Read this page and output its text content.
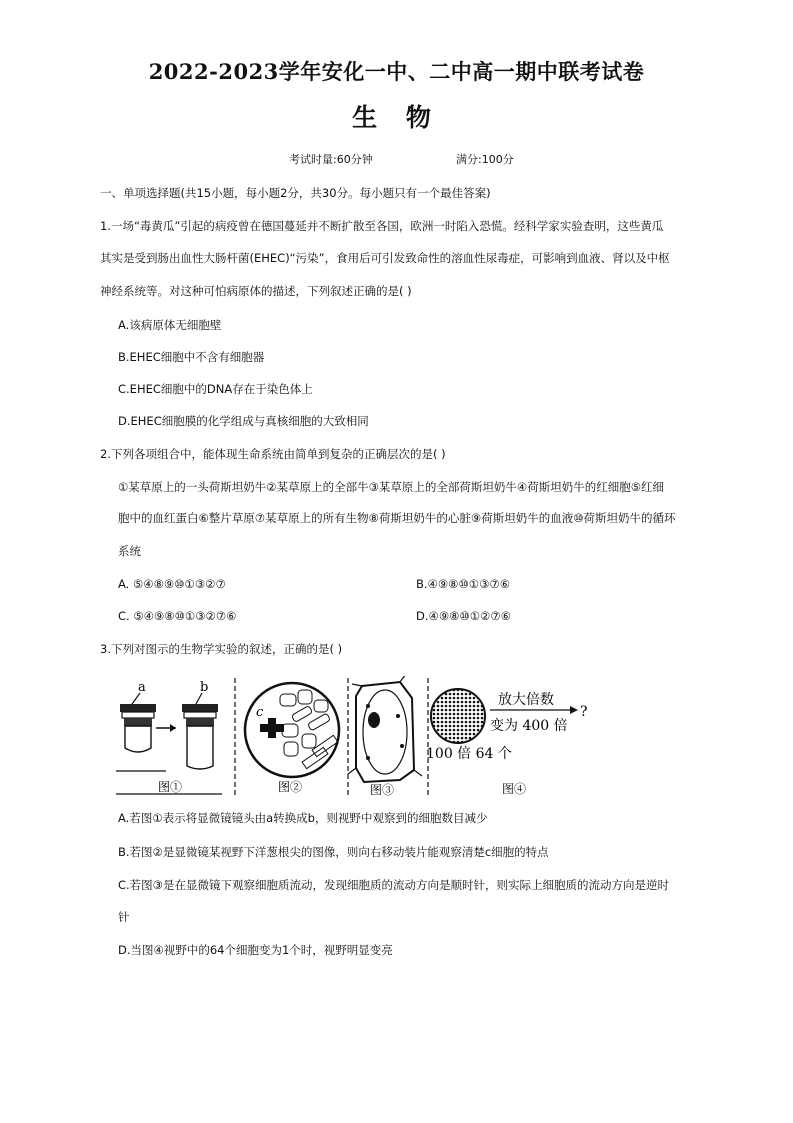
2022-2023学年安化一中、二中高一期中联考试卷
生 物
考试时量:60分钟	满分:100分
一、单项选择题(共15小题，每小题2分，共30分。每小题只有一个最佳答案)
1.一场“毒黄瓜”引起的病疫曾在德国蔓延并不断扩散至各国，欧洲一时陷入恐慌。经科学家实验查明，这些黄瓜
其实是受到肠出血性大肠杆菌(EHEC)“污染”，食用后可引发致命性的溶血性尿毒症，可影响到血液、肾以及中枢
神经系统等。对这种可怕病原体的描述，下列叙述正确的是( )
A.该病原体无细胞壁
B.EHEC细胞中不含有细胞器
C.EHEC细胞中的DNA存在于染色体上
D.EHEC细胞膜的化学组成与真核细胞的大致相同
2.下列各项组合中，能体现生命系统由简单到复杂的正确层次的是( )
①某草原上的一头荷斯坦奶牛②某草原上的全部牛③某草原上的全部荷斯坦奶牛④荷斯坦奶牛的红细胞⑤红细
胞中的血红蛋白⑥整片草原⑦某草原上的所有生物⑧荷斯坦奶牛的心脏⑨荷斯坦奶牛的血液⑩荷斯坦奶牛的循环
系统
A. ⑤④⑧⑨⑩①③②⑦	B.④⑨⑧⑩①③⑦⑥
C. ⑤④⑨⑧⑩①③②⑦⑥	D.④⑨⑧⑩①②⑦⑥
3.下列对图示的生物学实验的叙述，正确的是( )
a	b
图①
c
图②	图③
放大倍数
?
变为 400 倍
100 倍 64 个
图④
A.若图①表示将显微镜镜头由a转换成b，则视野中观察到的细胞数目减少
B.若图②是显微镜某视野下洋葱根尖的图像，则向右移动装片能观察清楚c细胞的特点
C.若图③是在显微镜下观察细胞质流动，发现细胞质的流动方向是顺时针，则实际上细胞质的流动方向是逆时
针
D.当图④视野中的64个细胞变为1个时，视野明显变亮
